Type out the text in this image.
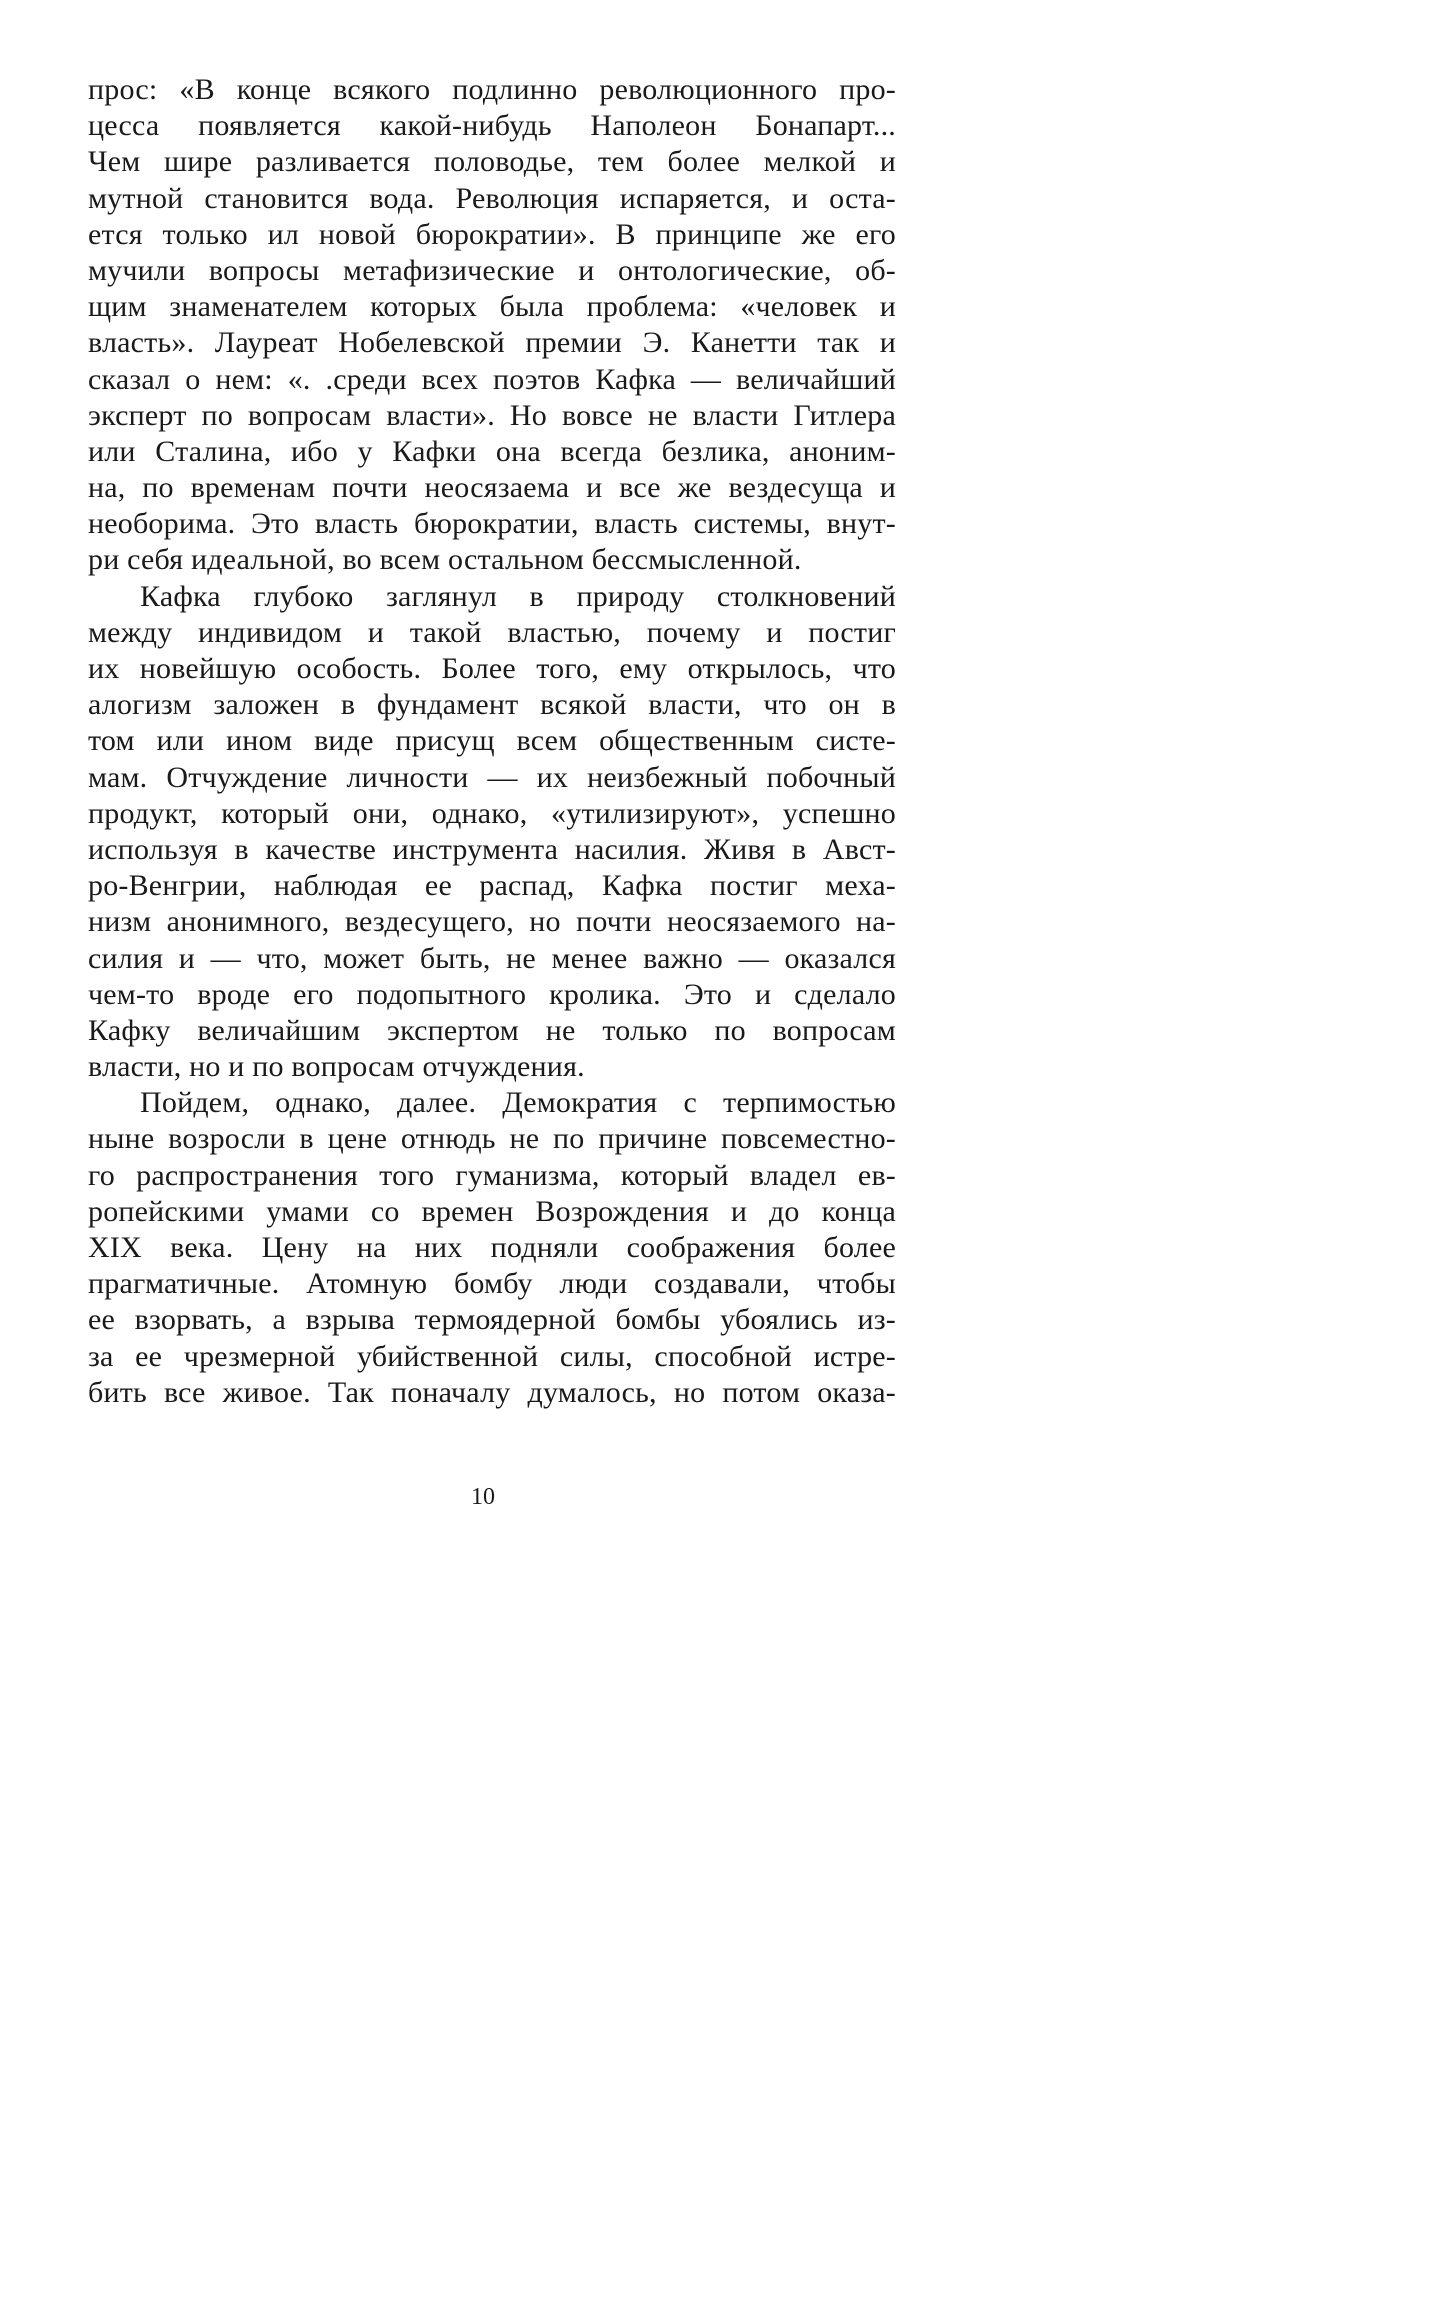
прос: «В конце всякого подлинно революционного про-
цесса появляется какой-нибудь Наполеон Бонапарт...
Чем шире разливается половодье, тем более мелкой и
мутной становится вода. Революция испаряется, и оста-
ется только ил новой бюрократии». В принципе же его
мучили вопросы метафизические и онтологические, об-
щим знаменателем которых была проблема: «человек и
власть». Лауреат Нобелевской премии Э. Канетти так и
сказал о нем: «. .среди всех поэтов Кафка — величайший
эксперт по вопросам власти». Но вовсе не власти Гитлера
или Сталина, ибо у Кафки она всегда безлика, аноним-
на, по временам почти неосязаема и все же вездесуща и
необорима. Это власть бюрократии, власть системы, внут-
ри себя идеальной, во всем остальном бессмысленной.
Кафка глубоко заглянул в природу столкновений
между индивидом и такой властью, почему и постиг
их новейшую особость. Более того, ему открылось, что
алогизм заложен в фундамент всякой власти, что он в
том или ином виде присущ всем общественным систе-
мам. Отчуждение личности — их неизбежный побочный
продукт, который они, однако, «утилизируют», успешно
используя в качестве инструмента насилия. Живя в Авст-
ро-Венгрии, наблюдая ее распад, Кафка постиг меха-
низм анонимного, вездесущего, но почти неосязаемого на-
силия и — что, может быть, не менее важно — оказался
чем-то вроде его подопытного кролика. Это и сделало
Кафку величайшим экспертом не только по вопросам
власти, но и по вопросам отчуждения.
Пойдем, однако, далее. Демократия с терпимостью
ныне возросли в цене отнюдь не по причине повсеместно-
го распространения того гуманизма, который владел ев-
ропейскими умами со времен Возрождения и до конца
XIX века. Цену на них подняли соображения более
прагматичные. Атомную бомбу люди создавали, чтобы
ее взорвать, а взрыва термоядерной бомбы убоялись из-
за ее чрезмерной убийственной силы, способной истре-
бить все живое. Так поначалу думалось, но потом оказа-
10
